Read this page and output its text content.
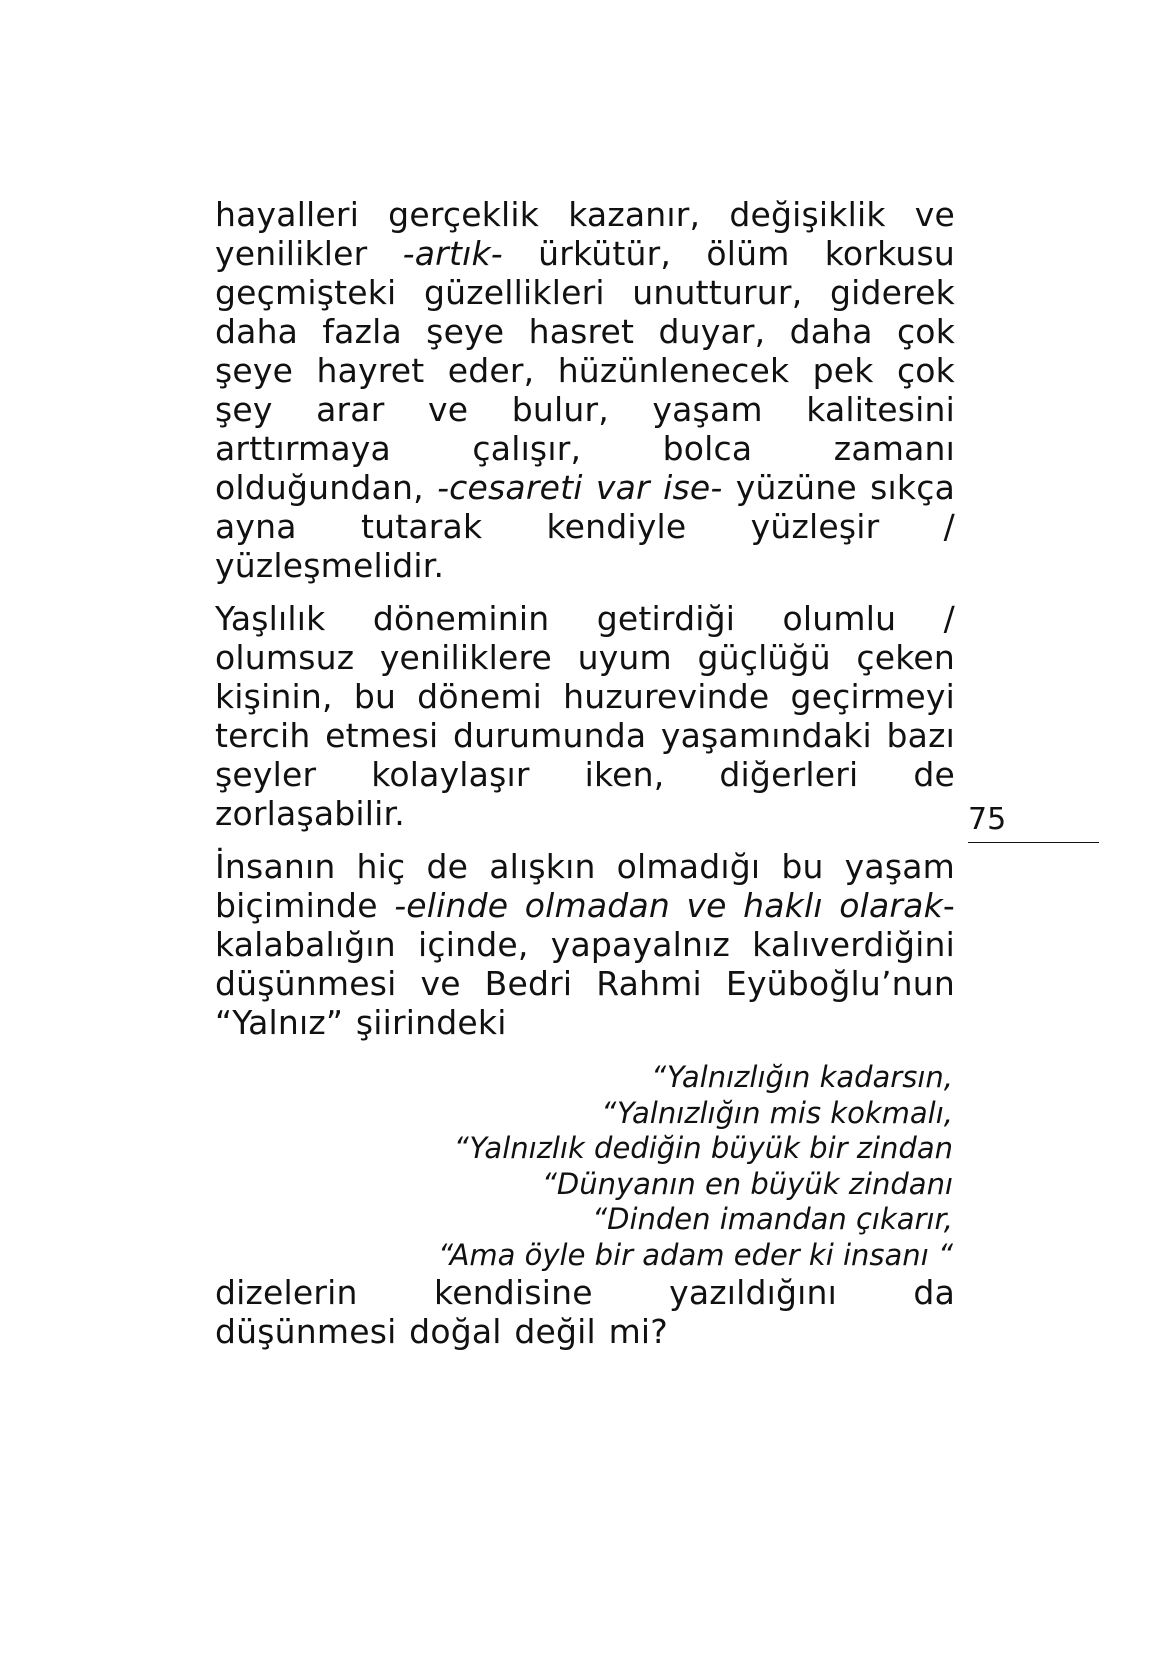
hayalleri gerçeklik kazanır, değişiklik ve yenilikler -artık- ürkütür, ölüm korkusu geçmişteki güzellikleri unutturur, giderek daha fazla şeye hasret duyar, daha çok şeye hayret eder, hüzünlenecek pek çok şey arar ve bulur, yaşam kalitesini arttırmaya çalışır, bolca zamanı olduğundan, -cesareti var ise- yüzüne sıkça ayna tutarak kendiyle yüzleşir / yüzleşmelidir.

Yaşlılık döneminin getirdiği olumlu / olumsuz yeniliklere uyum güçlüğü çeken kişinin, bu dönemi huzurevinde geçirmeyi tercih etmesi durumunda yaşamındaki bazı şeyler kolaylaşır iken, diğerleri de zorlaşabilir.

İnsanın hiç de alışkın olmadığı bu yaşam biçiminde -elinde olmadan ve haklı olarak- kalabalığın içinde, yapayalnız kalıverdiğini düşünmesi ve Bedri Rahmi Eyüboğlu’nun “Yalnız” şiirindeki

“Yalnızlığın kadarsın,
“Yalnızlığın mis kokmalı,
“Yalnızlık dediğin büyük bir zindan
“Dünyanın en büyük zindanı
“Dinden imandan çıkarır,
“Ama öyle bir adam eder ki insanı “

dizelerin kendisine yazıldığını da düşünmesi doğal değil mi?

75
